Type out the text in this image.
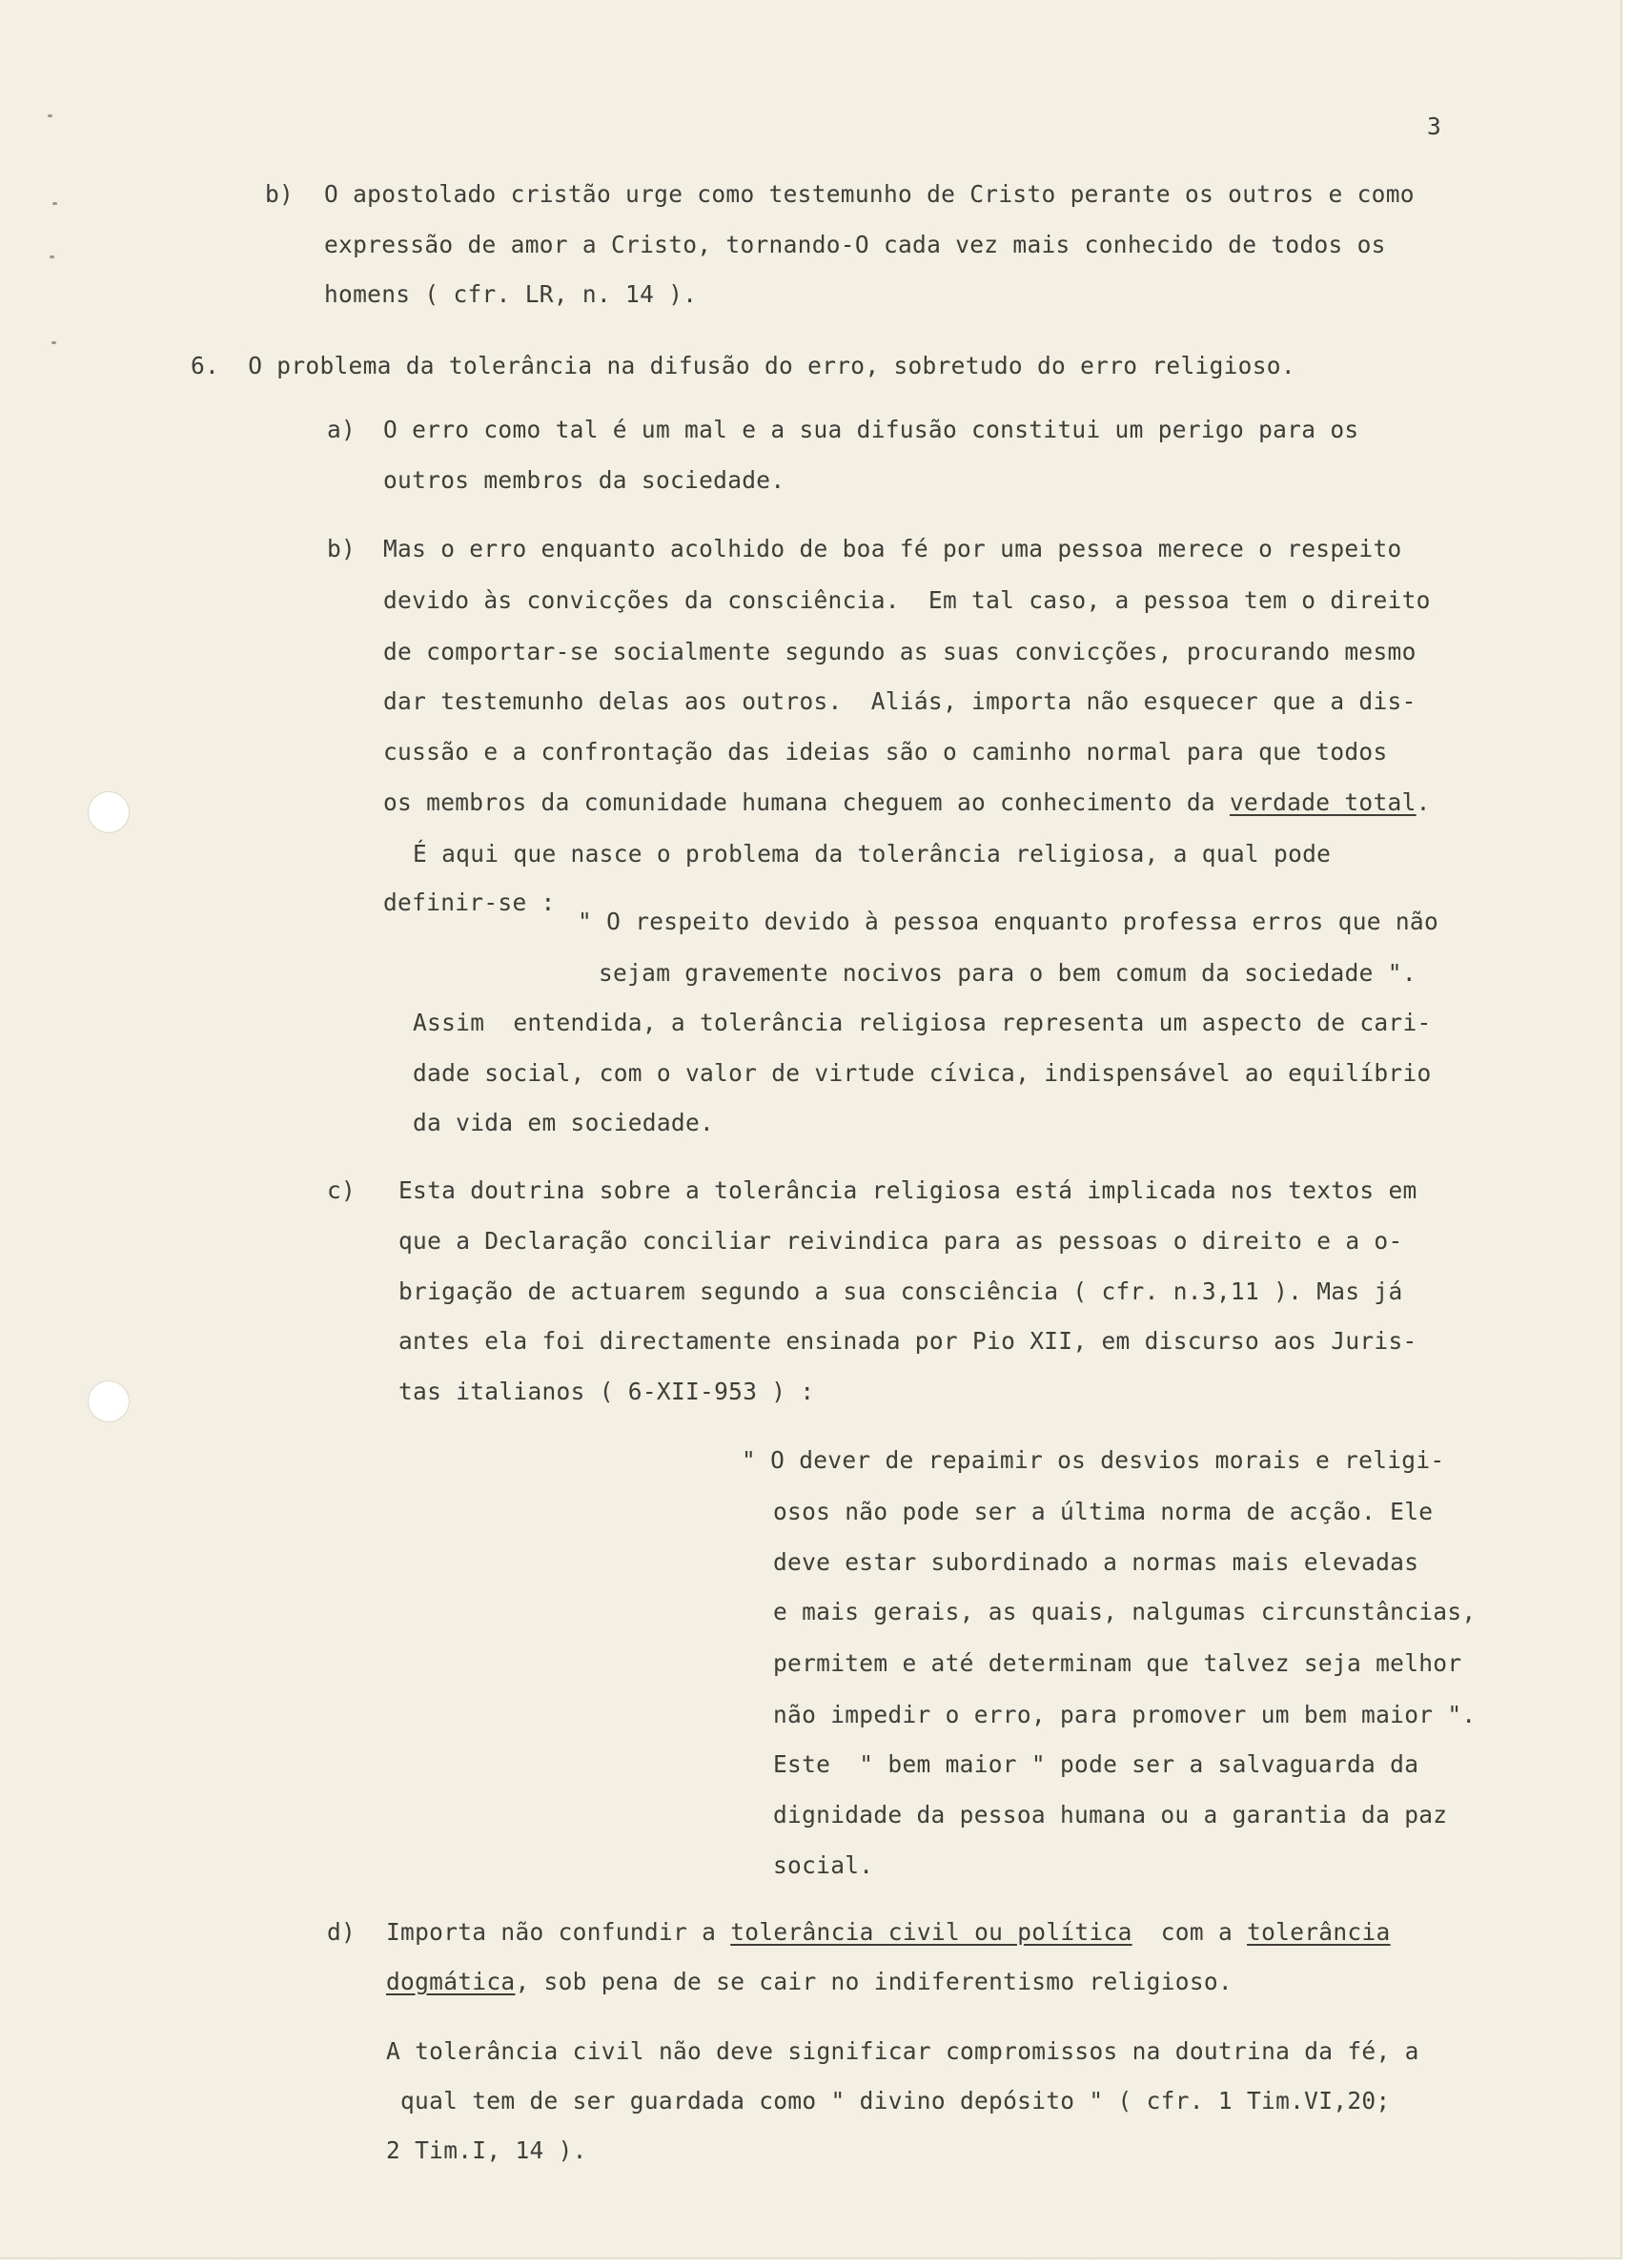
3

b) O apostolado cristão urge como testemunho de Cristo perante os outros e como

expressão de amor a Cristo, tornando-O cada vez mais conhecido de todos os

homens ( cfr. LR, n. 14 ).

6.  O problema da tolerância na difusão do erro, sobretudo do erro religioso.

a) O erro como tal é um mal e a sua difusão constitui um perigo para os

outros membros da sociedade.

b) Mas o erro enquanto acolhido de boa fé por uma pessoa merece o respeito

devido às convicções da consciência.  Em tal caso, a pessoa tem o direito

de comportar-se socialmente segundo as suas convicções, procurando mesmo

dar testemunho delas aos outros.  Aliás, importa não esquecer que a dis-

cussão e a confrontação das ideias são o caminho normal para que todos

os membros da comunidade humana cheguem ao conhecimento da verdade total.

É aqui que nasce o problema da tolerância religiosa, a qual pode

definir-se :

" O respeito devido à pessoa enquanto professa erros que não

sejam gravemente nocivos para o bem comum da sociedade ".

Assim  entendida, a tolerância religiosa representa um aspecto de cari-

dade social, com o valor de virtude cívica, indispensável ao equilíbrio

da vida em sociedade.

c) Esta doutrina sobre a tolerância religiosa está implicada nos textos em

que a Declaração conciliar reivindica para as pessoas o direito e a o-

brigação de actuarem segundo a sua consciência ( cfr. n.3,11 ). Mas já

antes ela foi directamente ensinada por Pio XII, em discurso aos Juris-

tas italianos ( 6-XII-953 ) :

" O dever de repaimir os desvios morais e religi-

osos não pode ser a última norma de acção. Ele

deve estar subordinado a normas mais elevadas

e mais gerais, as quais, nalgumas circunstâncias,

permitem e até determinam que talvez seja melhor

não impedir o erro, para promover um bem maior ".

Este  " bem maior " pode ser a salvaguarda da

dignidade da pessoa humana ou a garantia da paz

social.

d) Importa não confundir a tolerância civil ou política  com a tolerância

dogmática, sob pena de se cair no indiferentismo religioso.

A tolerância civil não deve significar compromissos na doutrina da fé, a

qual tem de ser guardada como " divino depósito " ( cfr. 1 Tim.VI,20;

2 Tim.I, 14 ).
